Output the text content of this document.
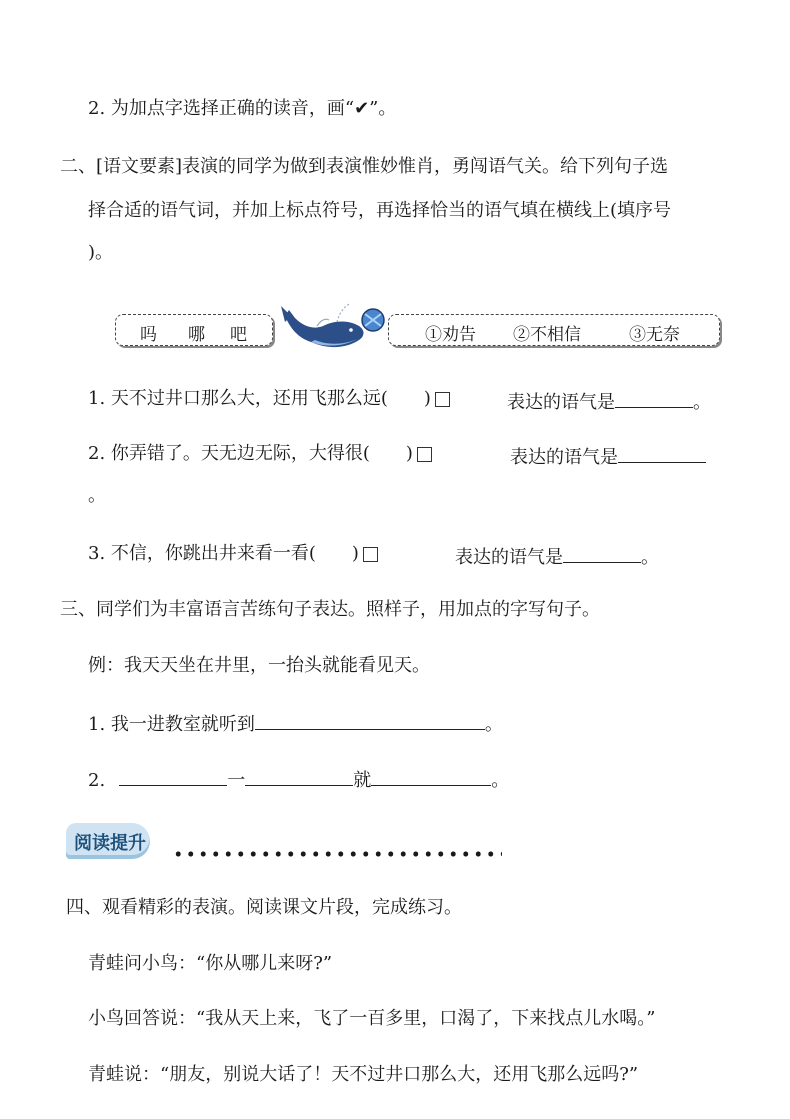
2. 为加点字选择正确的读音，画“✔”。
二、[语文要素]表演的同学为做到表演惟妙惟肖，勇闯语气关。给下列句子选
择合适的语气词，并加上标点符号，再选择恰当的语气填在横线上(填序号
)。
吗 哪 吧	①劝告 ②不相信	③无奈
1. 天不过井口那么大，还用飞那么远(　　)	表达的语气是	。
2. 你弄错了。天无边无际，大得很(　　)	表达的语气是
。
3. 不信，你跳出井来看一看(　　)	表达的语气是	。
三、同学们为丰富语言苦练句子表达。照样子，用加点的字写句子。
例：我天天坐在井里，一抬头就能看见天。
1. 我一进教室就听到	。
2.	一	就	。
阅读提升
四、观看精彩的表演。阅读课文片段，完成练习。
青蛙问小鸟：“你从哪儿来呀?”
小鸟回答说：“我从天上来，飞了一百多里，口渴了，下来找点儿水喝。”
青蛙说：“朋友，别说大话了！天不过井口那么大，还用飞那么远吗?”
